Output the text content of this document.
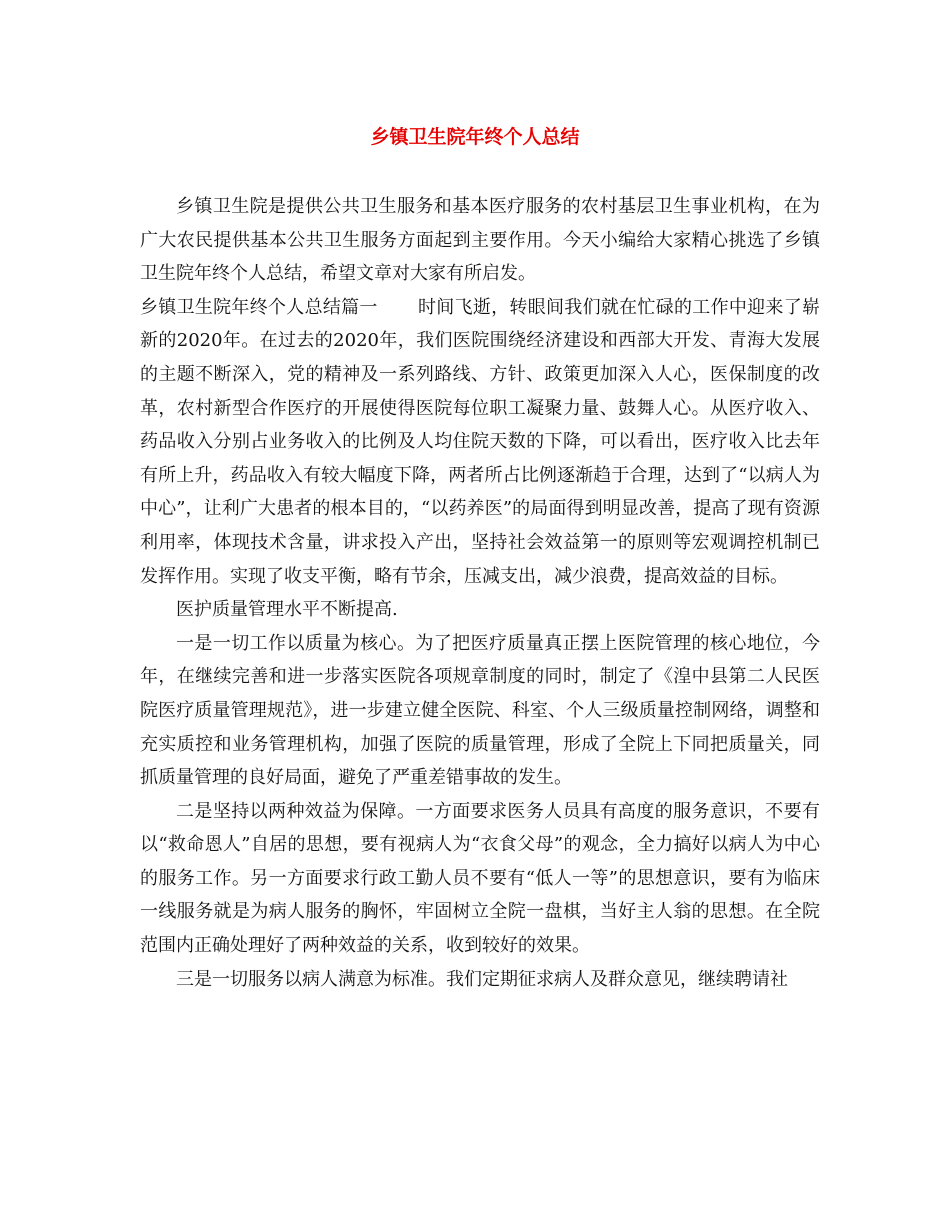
乡镇卫生院年终个人总结

乡镇卫生院是提供公共卫生服务和基本医疗服务的农村基层卫生事业机构，在为广大农民提供基本公共卫生服务方面起到主要作用。今天小编给大家精心挑选了乡镇卫生院年终个人总结，希望文章对大家有所启发。

乡镇卫生院年终个人总结篇一 时间飞逝，转眼间我们就在忙碌的工作中迎来了崭新的2020年。在过去的2020年，我们医院围绕经济建设和西部大开发、青海大发展的主题不断深入，党的精神及一系列路线、方针、政策更加深入人心，医保制度的改革，农村新型合作医疗的开展使得医院每位职工凝聚力量、鼓舞人心。从医疗收入、药品收入分别占业务收入的比例及人均住院天数的下降，可以看出，医疗收入比去年有所上升，药品收入有较大幅度下降，两者所占比例逐渐趋于合理，达到了“以病人为中心”，让利广大患者的根本目的，“以药养医”的局面得到明显改善，提高了现有资源利用率，体现技术含量，讲求投入产出，坚持社会效益第一的原则等宏观调控机制已发挥作用。实现了收支平衡，略有节余，压减支出，减少浪费，提高效益的目标。

医护质量管理水平不断提高.

一是一切工作以质量为核心。为了把医疗质量真正摆上医院管理的核心地位，今年，在继续完善和进一步落实医院各项规章制度的同时，制定了《湟中县第二人民医院医疗质量管理规范》，进一步建立健全医院、科室、个人三级质量控制网络，调整和充实质控和业务管理机构，加强了医院的质量管理，形成了全院上下同把质量关，同抓质量管理的良好局面，避免了严重差错事故的发生。

二是坚持以两种效益为保障。一方面要求医务人员具有高度的服务意识，不要有以“救命恩人”自居的思想，要有视病人为“衣食父母”的观念，全力搞好以病人为中心的服务工作。另一方面要求行政工勤人员不要有“低人一等”的思想意识，要有为临床一线服务就是为病人服务的胸怀，牢固树立全院一盘棋，当好主人翁的思想。在全院范围内正确处理好了两种效益的关系，收到较好的效果。

三是一切服务以病人满意为标准。我们定期征求病人及群众意见，继续聘请社
